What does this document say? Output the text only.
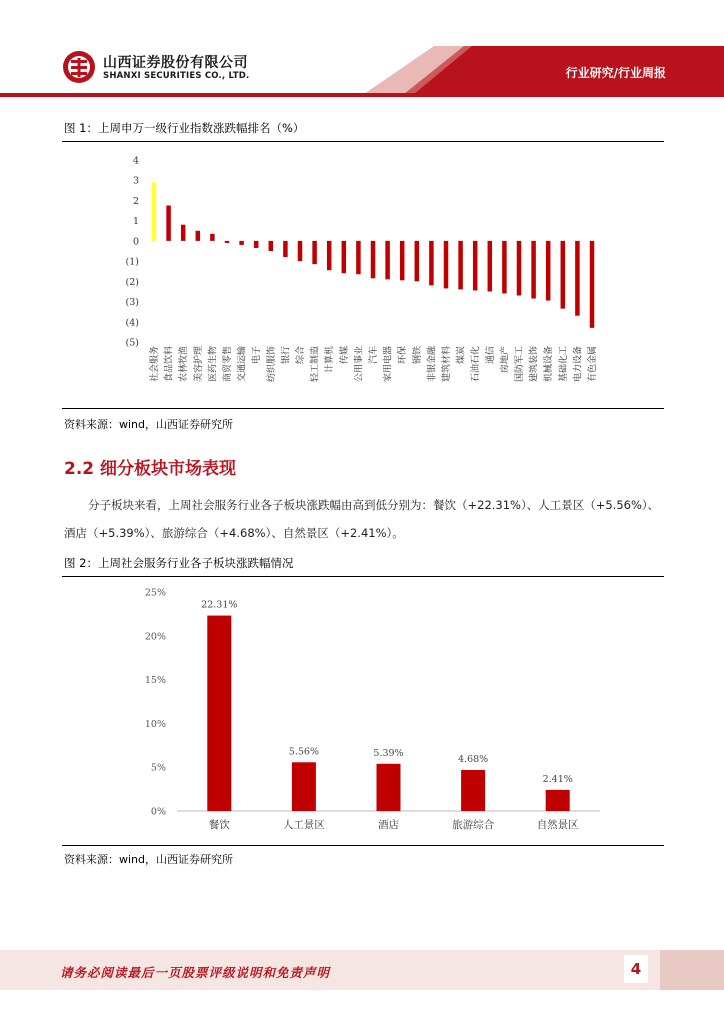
山西证券股份有限公司
SHANXI SECURITIES CO., LTD.	行业研究/行业周报
图 1：上周申万一级行业指数涨跌幅排名（%）
4
3
2
1
0
(1)
(2)
(3)
(4)
(5)
社会服务 食品饮料 农林牧渔 美容护理 医药生物 商贸零售 交通运输 电子 纺织服饰 银行 综合 轻工制造 计算机 传媒 公用事业 汽车 家用电器 环保 钢铁 非银金融 建筑材料 煤炭 石油石化 通信 房地产 国防军工 建筑装饰 机械设备 基础化工 电力设备 有色金属
资料来源：wind，山西证券研究所
2.2 细分板块市场表现
分子板块来看，上周社会服务行业各子板块涨跌幅由高到低分别为：餐饮（+22.31%）、人工景区（+5.56%）、
酒店（+5.39%）、旅游综合（+4.68%）、自然景区（+2.41%）。
图 2：上周社会服务行业各子板块涨跌幅情况
25%
20%
15%
10%
5%
0%
22.31%
餐饮
5.56%
人工景区
5.39%
酒店
4.68%
旅游综合
2.41%
自然景区
资料来源：wind，山西证券研究所
请务必阅读最后一页股票评级说明和免责声明	4
